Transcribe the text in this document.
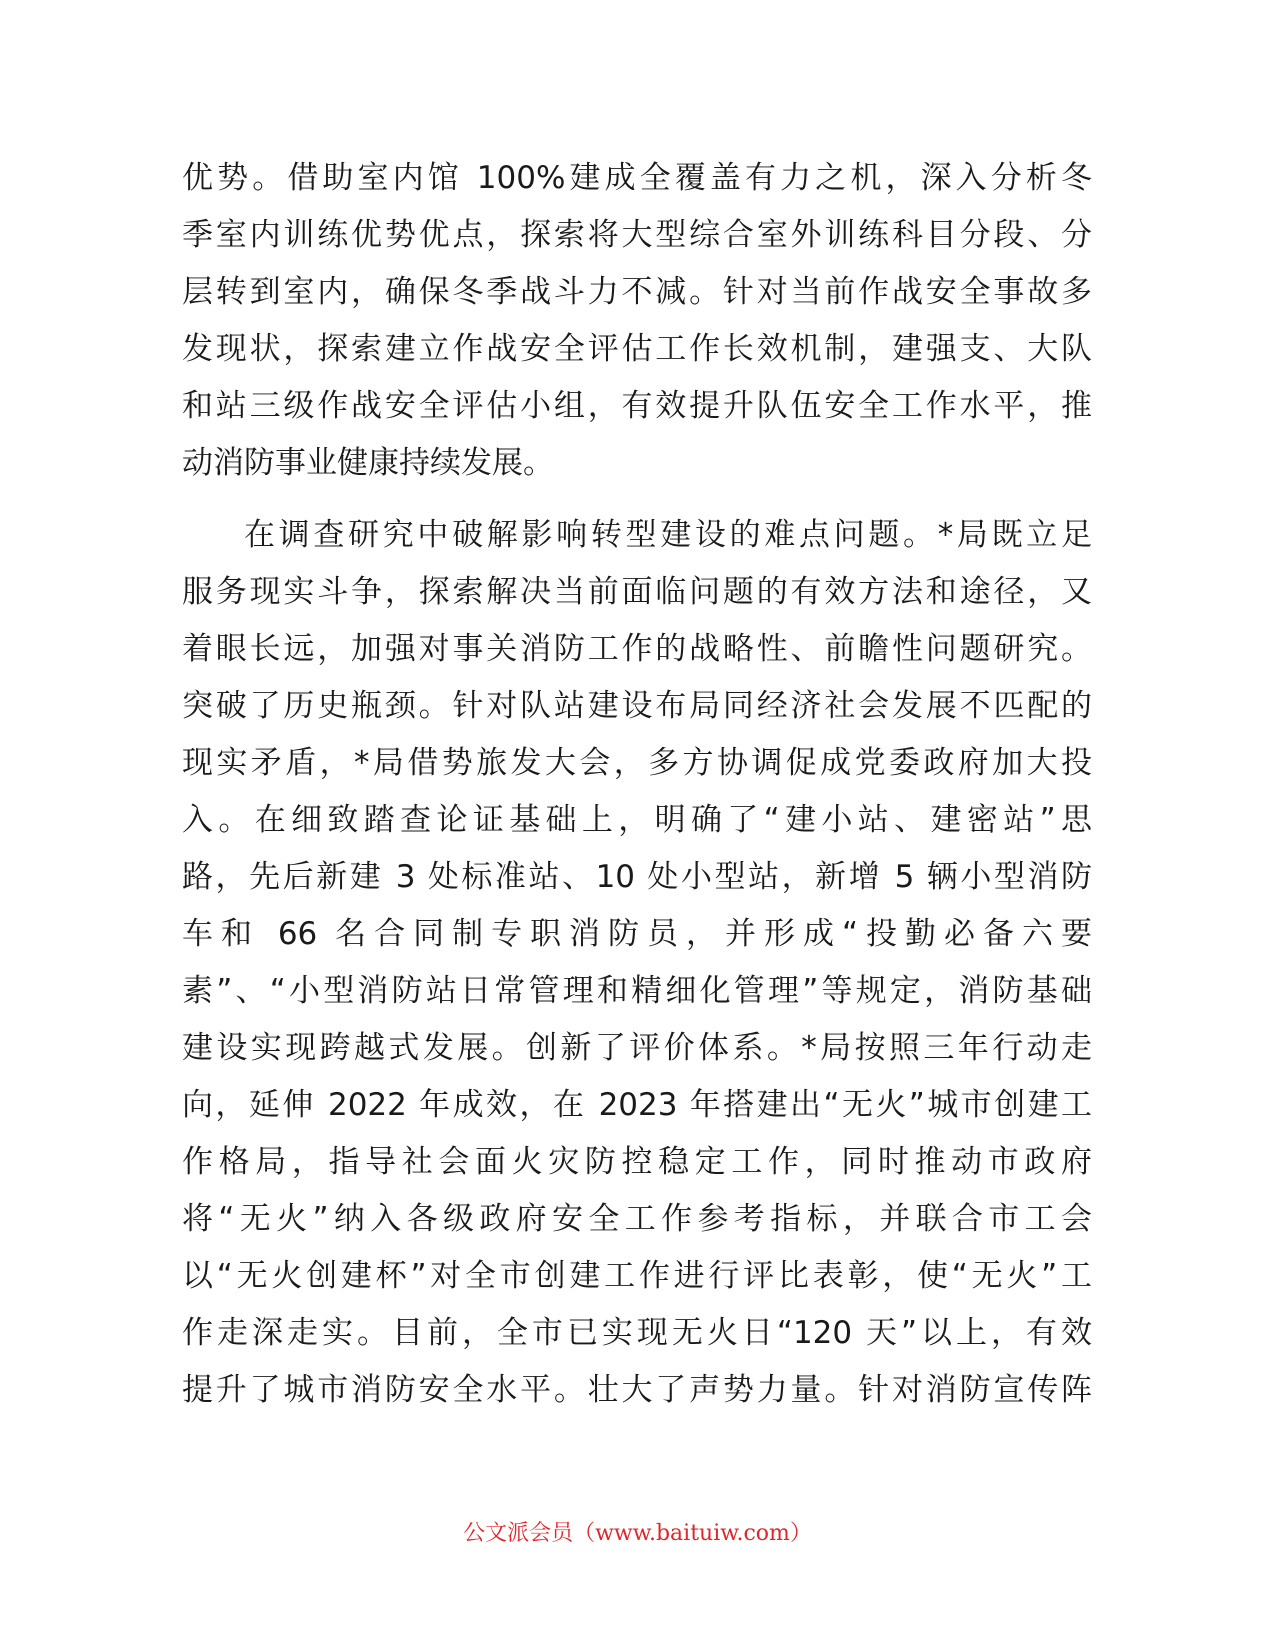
优势。借助室内馆 100%建成全覆盖有力之机，深入分析冬
季室内训练优势优点，探索将大型综合室外训练科目分段、分
层转到室内，确保冬季战斗力不减。针对当前作战安全事故多
发现状，探索建立作战安全评估工作长效机制，建强支、大队
和站三级作战安全评估小组，有效提升队伍安全工作水平，推
动消防事业健康持续发展。
在调查研究中破解影响转型建设的难点问题。*局既立足
服务现实斗争，探索解决当前面临问题的有效方法和途径，又
着眼长远，加强对事关消防工作的战略性、前瞻性问题研究。
突破了历史瓶颈。针对队站建设布局同经济社会发展不匹配的
现实矛盾，*局借势旅发大会，多方协调促成党委政府加大投
入。在细致踏查论证基础上，明确了“建小站、建密站”思
路，先后新建 3 处标准站、10 处小型站，新增 5 辆小型消防
车和 66 名合同制专职消防员，并形成“投勤必备六要
素”、“小型消防站日常管理和精细化管理”等规定，消防基础
建设实现跨越式发展。创新了评价体系。*局按照三年行动走
向，延伸 2022 年成效，在 2023 年搭建出“无火”城市创建工
作格局，指导社会面火灾防控稳定工作，同时推动市政府
将“无火”纳入各级政府安全工作参考指标，并联合市工会
以“无火创建杯”对全市创建工作进行评比表彰，使“无火”工
作走深走实。目前，全市已实现无火日“120 天”以上，有效
提升了城市消防安全水平。壮大了声势力量。针对消防宣传阵
公文派会员（www.baituiw.com）
